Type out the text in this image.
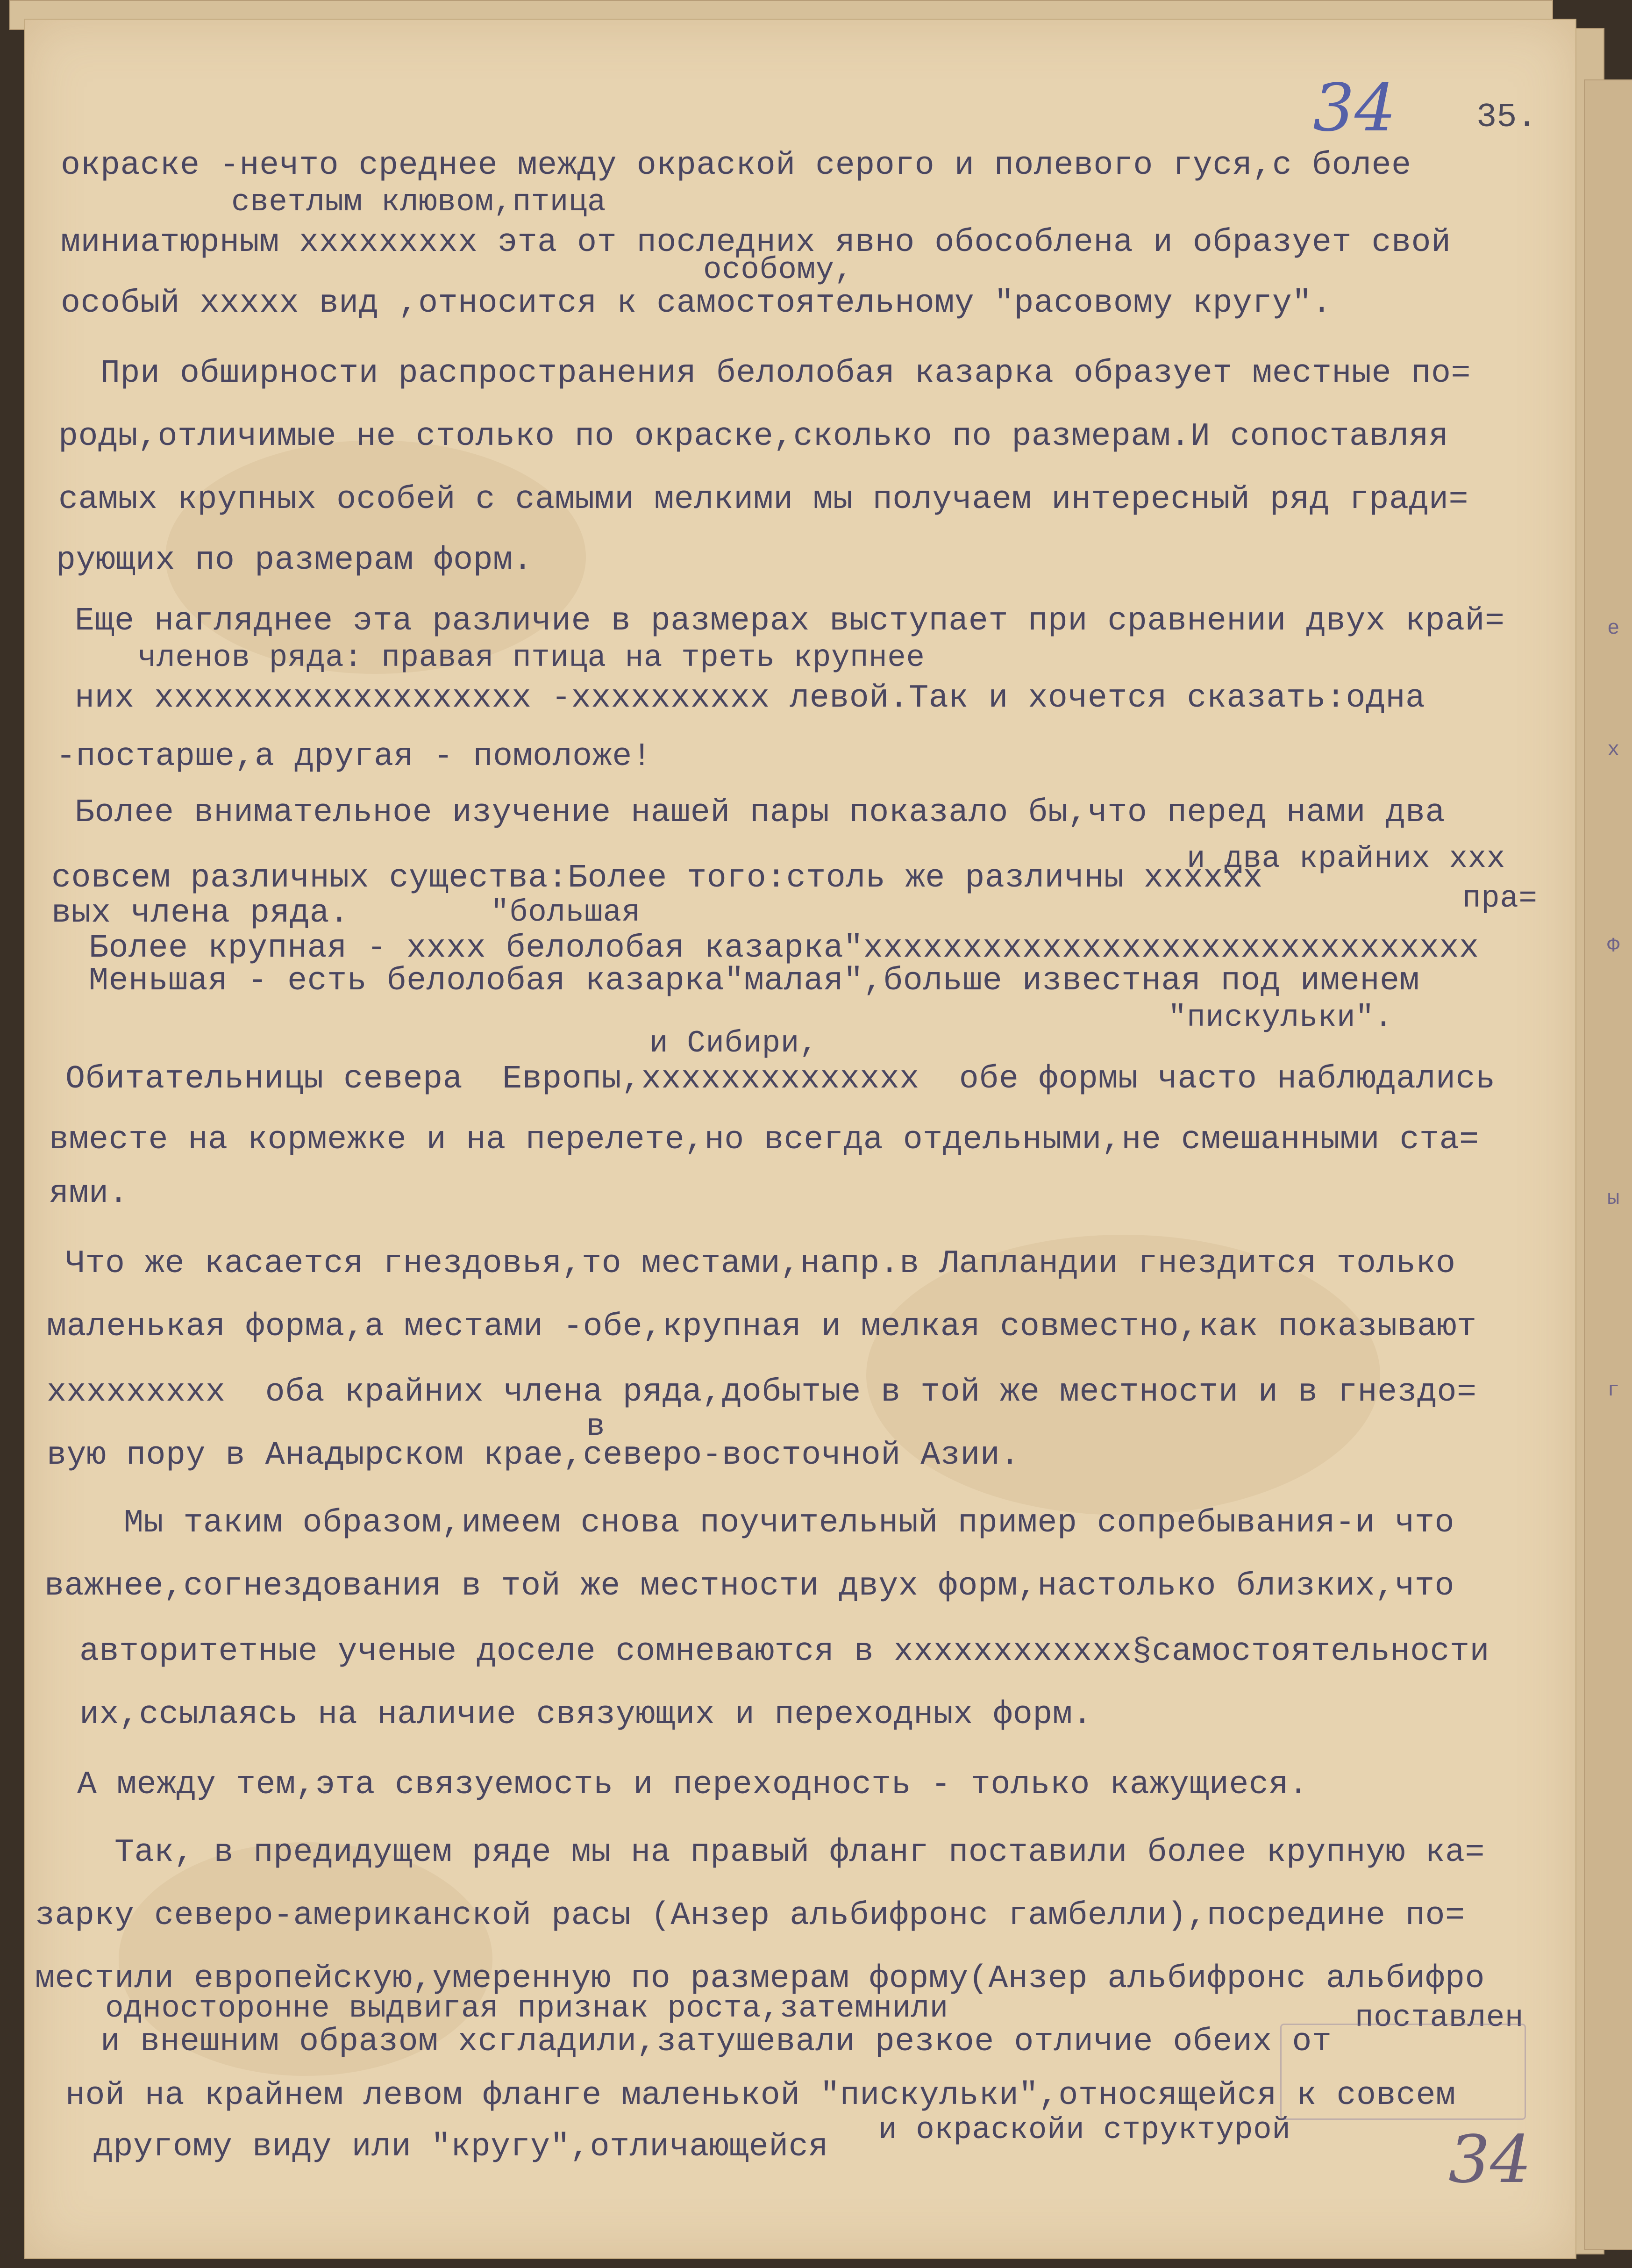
е
х
Ф
ы
г
34 35.
окраске -нечто среднее между окраской серого и полевого гуся,с более
светлым клювом,птица
миниатюрным ххххххххх эта от последних явно обособлена и образует свой
особому,
особый ххххх вид ,относится к самостоятельному "расовому кругу".
При обширности распространения белолобая казарка образует местные по=
роды,отличимые не столько по окраске,сколько по размерам.И сопоставляя
самых крупных особей с самыми мелкими мы получаем интересный ряд гради=
рующих по размерам форм.
Еще нагляднее эта различие в размерах выступает при сравнении двух край=
членов ряда: правая птица на треть крупнее
них ххххххххххххххххххх -хххххххххх левой.Так и хочется сказать:одна
-постарше,а другая - помоложе!
Более внимательное изучение нашей пары показало бы,что перед нами два
и два крайних ххх
совсем различных существа:Более того:столь же различны хххххх
пра=
вых члена ряда.	"большая
Более крупная - хххх белолобая казарка"ххххххххххххххххххххххххххххххх
Меньшая - есть белолобая казарка"малая",больше известная под именем
"пискульки".
и Сибири,
Обитательницы севера  Европы,хххххххххххххх  обе формы часто наблюдались
вместе на кормежке и на перелете,но всегда отдельными,не смешанными ста=
ями.
Что же касается гнездовья,то местами,напр.в Лапландии гнездится только
маленькая форма,а местами -обе,крупная и мелкая совместно,как показывают
ххххххххх  оба крайних члена ряда,добытые в той же местности и в гнездо=
в
вую пору в Анадырском крае,северо-восточной Азии.
Мы таким образом,имеем снова поучительный пример сопребывания-и что
важнее,согнездования в той же местности двух форм,настолько близких,что
авторитетные ученые доселе сомневаются в хххххххххххх§самостоятельности
их,ссылаясь на наличие связующих и переходных форм.
А между тем,эта связуемость и переходность - только кажущиеся.
Так, в предидущем ряде мы на правый фланг поставили более крупную ка=
зарку северо-американской расы (Анзер альбифронс гамбелли),посредине по=
местили европейскую,умеренную по размерам форму(Анзер альбифронс альбифро
односторонне выдвигая признак роста,затемнили	поставлен
и внешним образом хсгладили,затушевали резкое отличие обеих от
ной на крайнем левом фланге маленькой "пискульки",относящейся к совсем
другому виду или "кругу",отличающейся и окраскойи структурой 34
